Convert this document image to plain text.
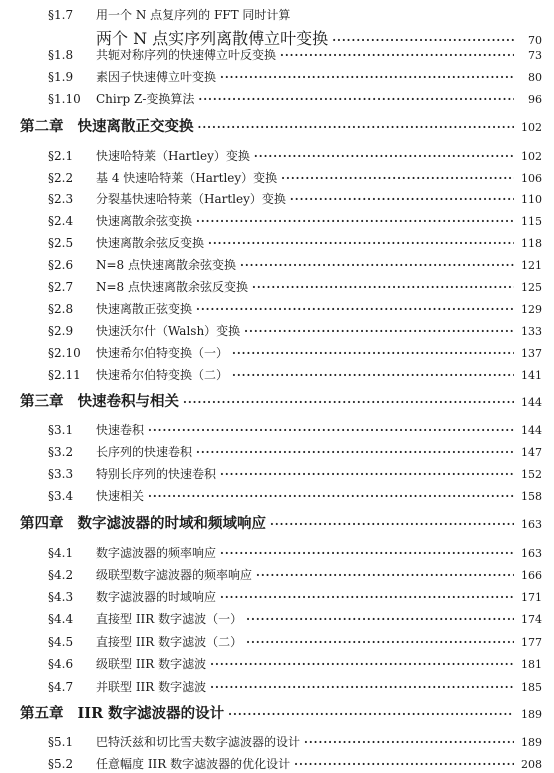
§1.7	用一个 N 点复序列的 FFT 同时计算
两个 N 点实序列离散傅立叶变换 ·····	70
§1.8	共轭对称序列的快速傅立叶反变换 ·····	73
§1.9	素因子快速傅立叶变换 ·····	80
§1.10	Chirp Z-变换算法 ·····	96
第二章 快速离散正交变换 ·····	102
§2.1	快速哈特莱（Hartley）变换 ·····	102
§2.2	基 4 快速哈特莱（Hartley）变换 ·····	106
§2.3	分裂基快速哈特莱（Hartley）变换 ·····	110
§2.4	快速离散余弦变换 ·····	115
§2.5	快速离散余弦反变换 ·····	118
§2.6	N=8 点快速离散余弦变换 ·····	121
§2.7	N=8 点快速离散余弦反变换 ·····	125
§2.8	快速离散正弦变换 ·····	129
§2.9	快速沃尔什（Walsh）变换 ·····	133
§2.10	快速希尔伯特变换（一） ·····	137
§2.11	快速希尔伯特变换（二） ·····	141
第三章 快速卷积与相关 ·····	144
§3.1	快速卷积 ·····	144
§3.2	长序列的快速卷积 ·····	147
§3.3	特别长序列的快速卷积 ·····	152
§3.4	快速相关 ·····	158
第四章 数字滤波器的时域和频域响应 ·····	163
§4.1	数字滤波器的频率响应 ·····	163
§4.2	级联型数字滤波器的频率响应 ·····	166
§4.3	数字滤波器的时域响应 ·····	171
§4.4	直接型 IIR 数字滤波（一） ·····	174
§4.5	直接型 IIR 数字滤波（二） ·····	177
§4.6	级联型 IIR 数字滤波 ·····	181
§4.7	并联型 IIR 数字滤波 ·····	185
第五章 IIR 数字滤波器的设计 ·····	189
§5.1	巴特沃兹和切比雪夫数字滤波器的设计 ·····	189
§5.2	任意幅度 IIR 数字滤波器的优化设计 ·····	208
